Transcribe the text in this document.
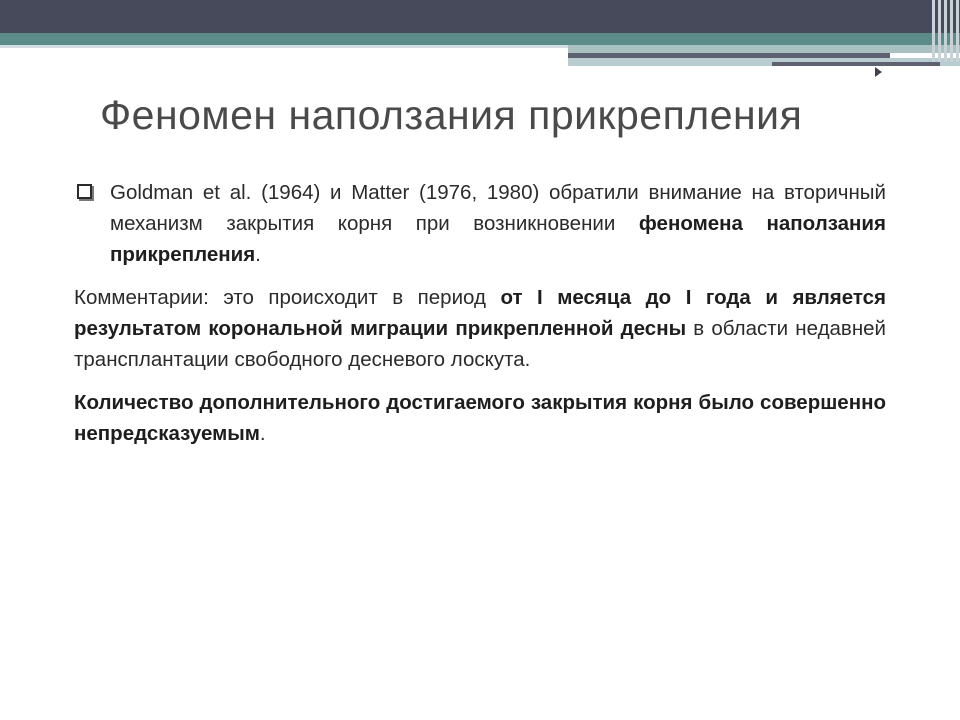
Феномен наползания прикрепления

Goldman et al. (1964) и Matter (1976, 1980) обратили внимание на вторичный механизм закрытия корня при возникновении феномена наползания прикрепления.

Комментарии: это происходит в период от I месяца до I года и является результатом корональной миграции прикрепленной десны в области недавней трансплантации свободного десневого лоскута.

Количество дополнительного достигаемого закрытия корня было совершенно непредсказуемым.
